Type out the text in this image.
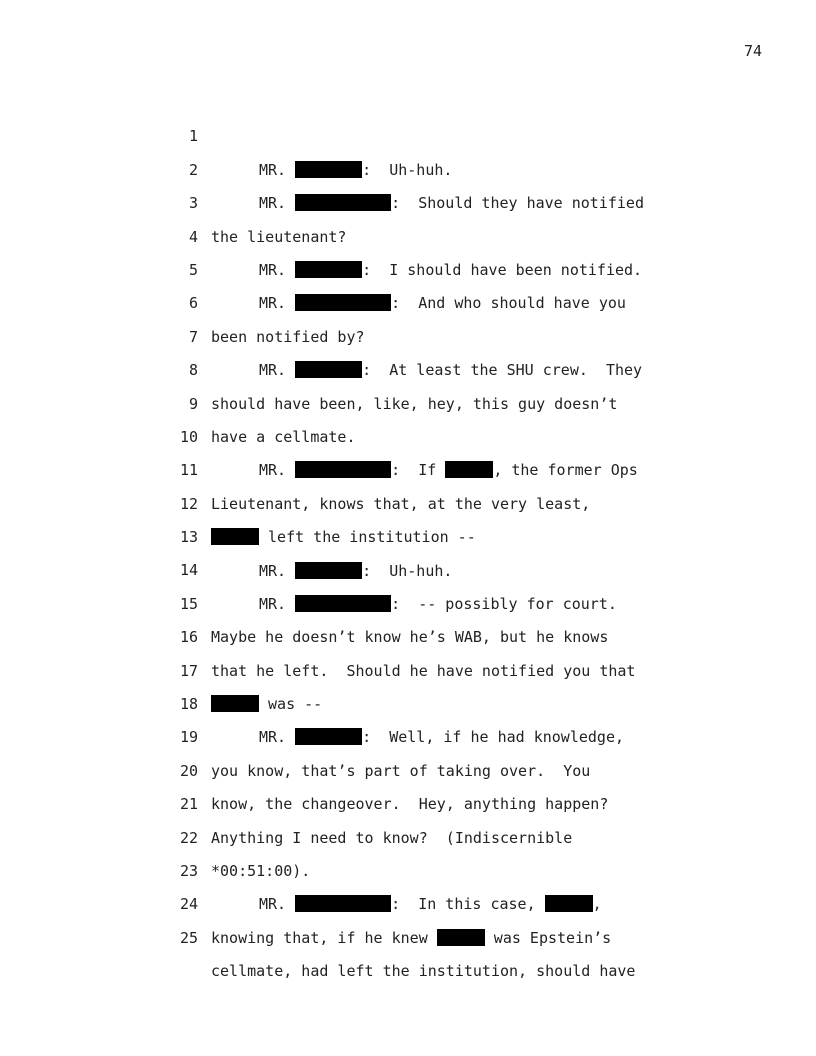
74

1

MR.	:  Uh-huh.

2

MR.	:  Should they have notified

3

the lieutenant?

4

MR.	:  I should have been notified.

5

MR.	:  And who should have you

6

been notified by?

7

MR.	:  At least the SHU crew.  They

8

should have been, like, hey, this guy doesn’t

9

have a cellmate.

10

MR.	:  If	, the former Ops

11

Lieutenant, knows that, at the very least,

12

left the institution --

13

MR.	:  Uh-huh.

14

MR.	:  -- possibly for court.

15

Maybe he doesn’t know he’s WAB, but he knows

16

that he left.  Should he have notified you that

17

was --

18

MR.	:  Well, if he had knowledge,

19

you know, that’s part of taking over.  You

20

know, the changeover.  Hey, anything happen?

21

Anything I need to know?  (Indiscernible

22

*00:51:00).

23

MR.	:  In this case,	,

24

knowing that, if he knew	was Epstein’s

25

cellmate, had left the institution, should have
